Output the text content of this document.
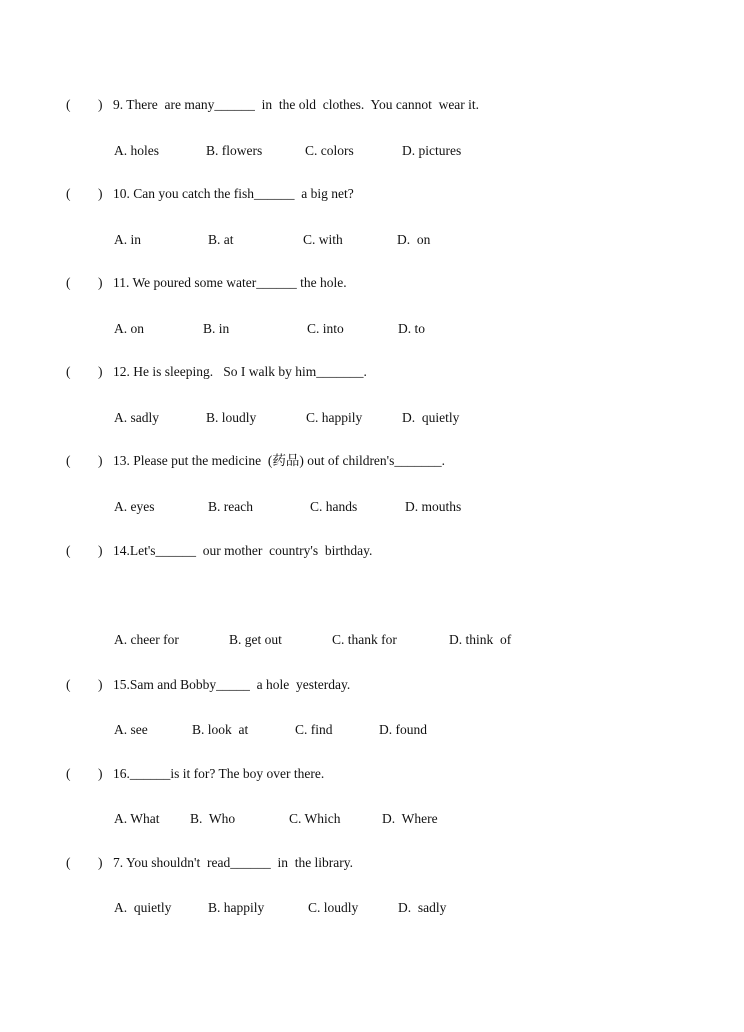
(

)

9. There  are many______  in  the old  clothes.  You cannot  wear it.

A. holes

	B. flowers

	C. colors

	D. pictures

(

)

10. Can you catch the fish______  a big net?

A. in

	B. at

	C. with

	D.  on

(

)

11. We poured some water______ the hole.

A. on

	B. in

	C. into

	D. to

(

)

12. He is sleeping.   So I walk by him_______.

A. sadly

	B. loudly

	C. happily

	D.  quietly

(

)

13. Please put the medicine  (药品) out of children's_______.

A. eyes

	B. reach

	C. hands

	D. mouths

(

)

14.Let's______  our mother  country's  birthday.

A. cheer for

	B. get out

	C. thank for

	D. think  of

(

)

15.Sam and Bobby_____  a hole  yesterday.

A. see

	B. look  at

	C. find

	D. found

(

)

16.______is it for? The boy over there.

A. What

B.  Who

	C. Which

	D.  Where

(

)

7. You shouldn't  read______  in  the library.

A.  quietly

	B. happily

	C. loudly

	D.  sadly
